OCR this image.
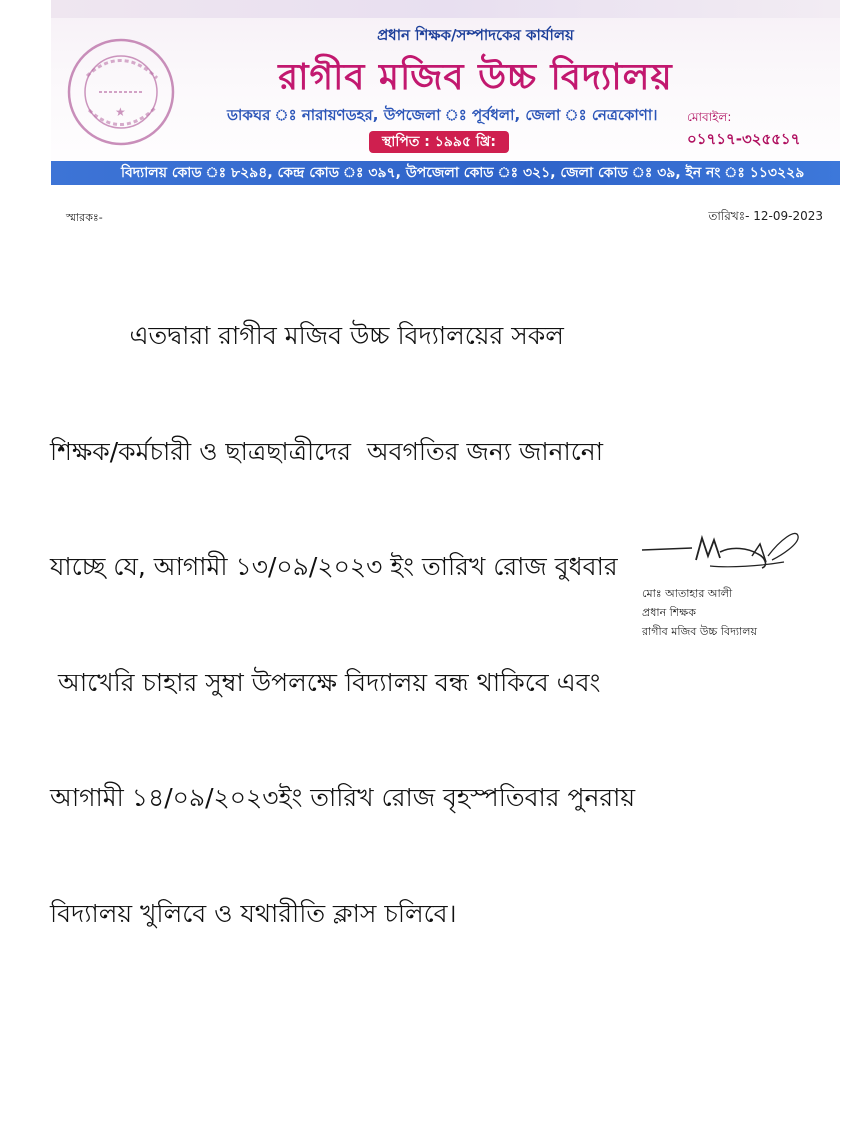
★
প্রধান শিক্ষক/সম্পাদকের কার্যালয়
রাগীব মজিব উচ্চ বিদ্যালয়
ডাকঘর ঃ নারায়ণডহর, উপজেলা ঃ পূর্বধলা, জেলা ঃ নেত্রকোণা। মোবাইল:
০১৭১৭-৩২৫৫১৭
স্থাপিত : ১৯৯৫ খ্রি:
বিদ্যালয় কোড ঃ ৮২৯৪, কেন্দ্র কোড ঃ ৩৯৭, উপজেলা কোড ঃ ৩২১, জেলা কোড ঃ ৩৯, ইন নং ঃ ১১৩২২৯
স্মারকঃ-	তারিখঃ- 12-09-2023

এতদ্বারা রাগীব মজিব উচ্চ বিদ্যালয়ের সকল

শিক্ষক/কর্মচারী ও ছাত্রছাত্রীদের  অবগতির জন্য জানানো

যাচ্ছে যে, আগামী ১৩/০৯/২০২৩ ইং তারিখ রোজ বুধবার

আখেরি চাহার সুম্বা উপলক্ষে বিদ্যালয় বন্ধ থাকিবে এবং

আগামী ১৪/০৯/২০২৩ইং তারিখ রোজ বৃহস্পতিবার পুনরায়

বিদ্যালয় খুলিবে ও যথারীতি ক্লাস চলিবে।

মোঃ আতাহার আলী
প্রধান শিক্ষক
রাগীব মজিব উচ্চ বিদ্যালয়
